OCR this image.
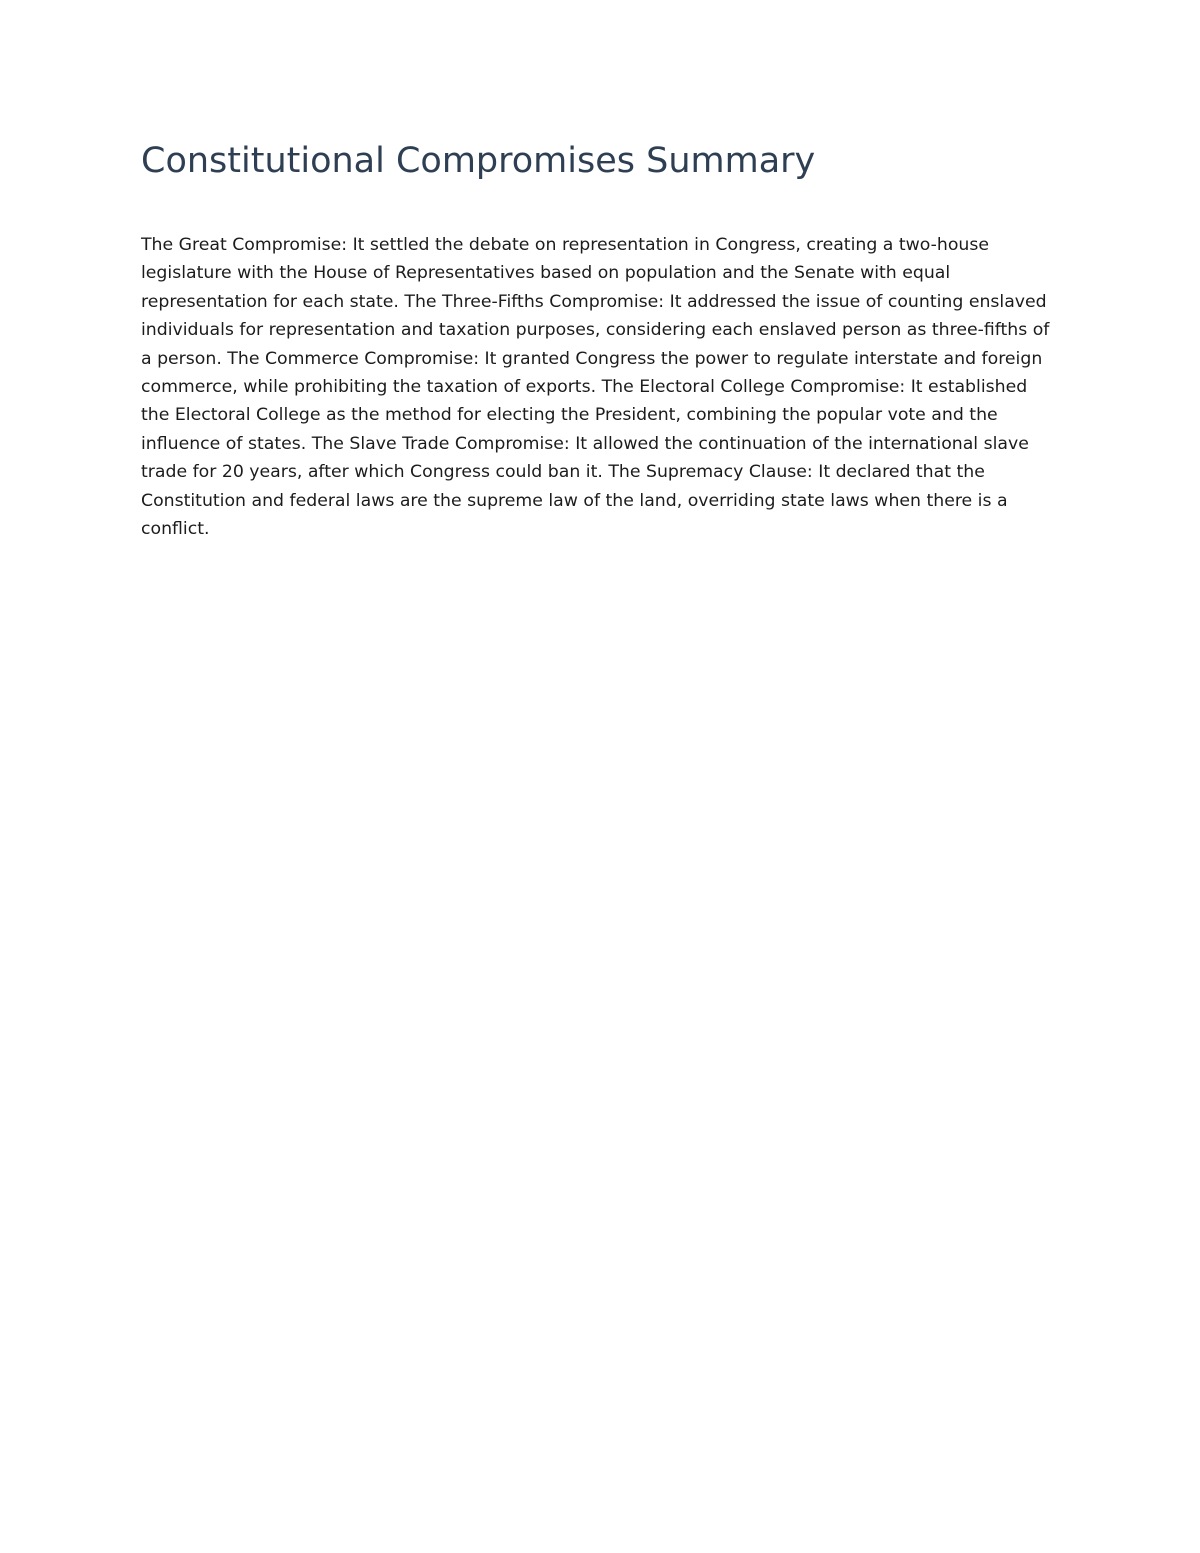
Constitutional Compromises Summary
The Great Compromise: It settled the debate on representation in Congress, creating a two-house
legislature with the House of Representatives based on population and the Senate with equal
representation for each state. The Three-Fifths Compromise: It addressed the issue of counting enslaved
individuals for representation and taxation purposes, considering each enslaved person as three-fifths of
a person. The Commerce Compromise: It granted Congress the power to regulate interstate and foreign
commerce, while prohibiting the taxation of exports. The Electoral College Compromise: It established
the Electoral College as the method for electing the President, combining the popular vote and the
influence of states. The Slave Trade Compromise: It allowed the continuation of the international slave
trade for 20 years, after which Congress could ban it. The Supremacy Clause: It declared that the
Constitution and federal laws are the supreme law of the land, overriding state laws when there is a
conflict.
